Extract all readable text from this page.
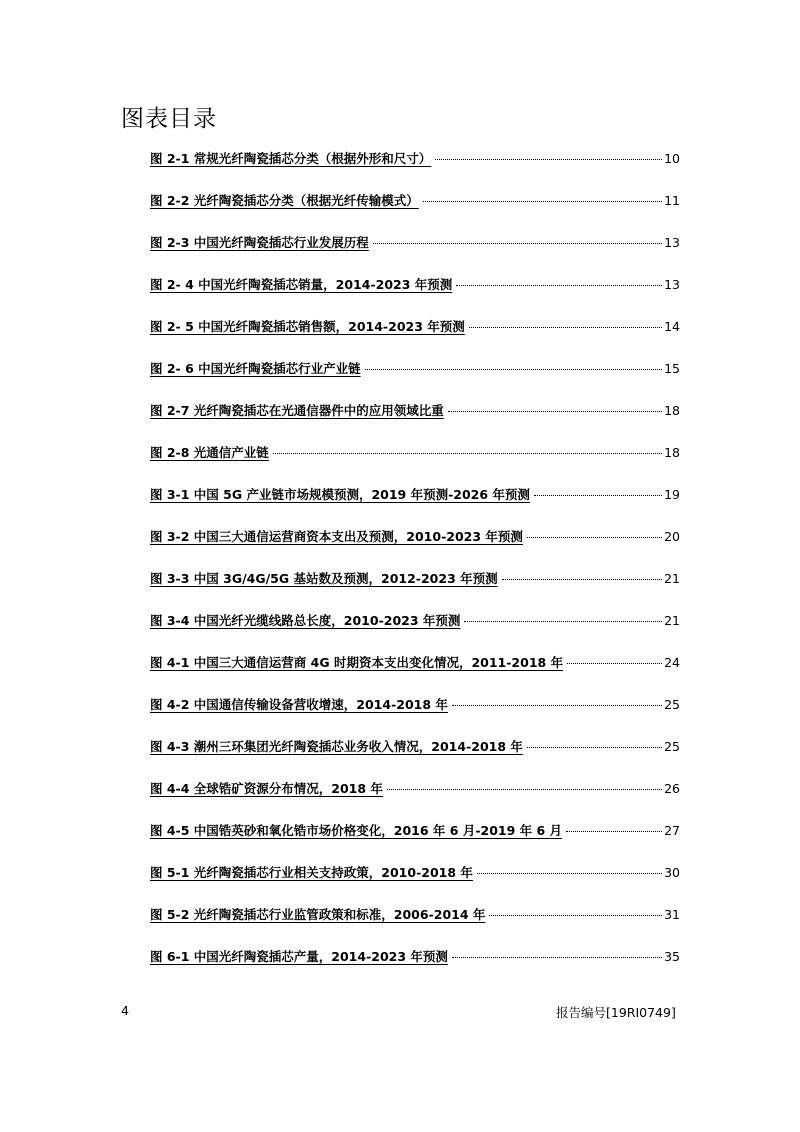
图表目录
图 2-1 常规光纤陶瓷插芯分类（根据外形和尺寸）	10
图 2-2 光纤陶瓷插芯分类（根据光纤传输模式）	11
图 2-3 中国光纤陶瓷插芯行业发展历程	13
图 2- 4 中国光纤陶瓷插芯销量，2014-2023 年预测	13
图 2- 5 中国光纤陶瓷插芯销售额，2014-2023 年预测	14
图 2- 6 中国光纤陶瓷插芯行业产业链	15
图 2-7 光纤陶瓷插芯在光通信器件中的应用领域比重	18
图 2-8 光通信产业链	18
图 3-1 中国 5G 产业链市场规模预测，2019 年预测-2026 年预测	19
图 3-2 中国三大通信运营商资本支出及预测，2010-2023 年预测	20
图 3-3 中国 3G/4G/5G 基站数及预测，2012-2023 年预测	21
图 3-4 中国光纤光缆线路总长度，2010-2023 年预测	21
图 4-1 中国三大通信运营商 4G 时期资本支出变化情况，2011-2018 年	24
图 4-2 中国通信传输设备营收增速，2014-2018 年	25
图 4-3 潮州三环集团光纤陶瓷插芯业务收入情况，2014-2018 年	25
图 4-4 全球锆矿资源分布情况，2018 年	26
图 4-5 中国锆英砂和氧化锆市场价格变化，2016 年 6 月-2019 年 6 月	27
图 5-1 光纤陶瓷插芯行业相关支持政策，2010-2018 年	30
图 5-2 光纤陶瓷插芯行业监管政策和标准，2006-2014 年	31
图 6-1 中国光纤陶瓷插芯产量，2014-2023 年预测	35
4	报告编号[19RI0749]
